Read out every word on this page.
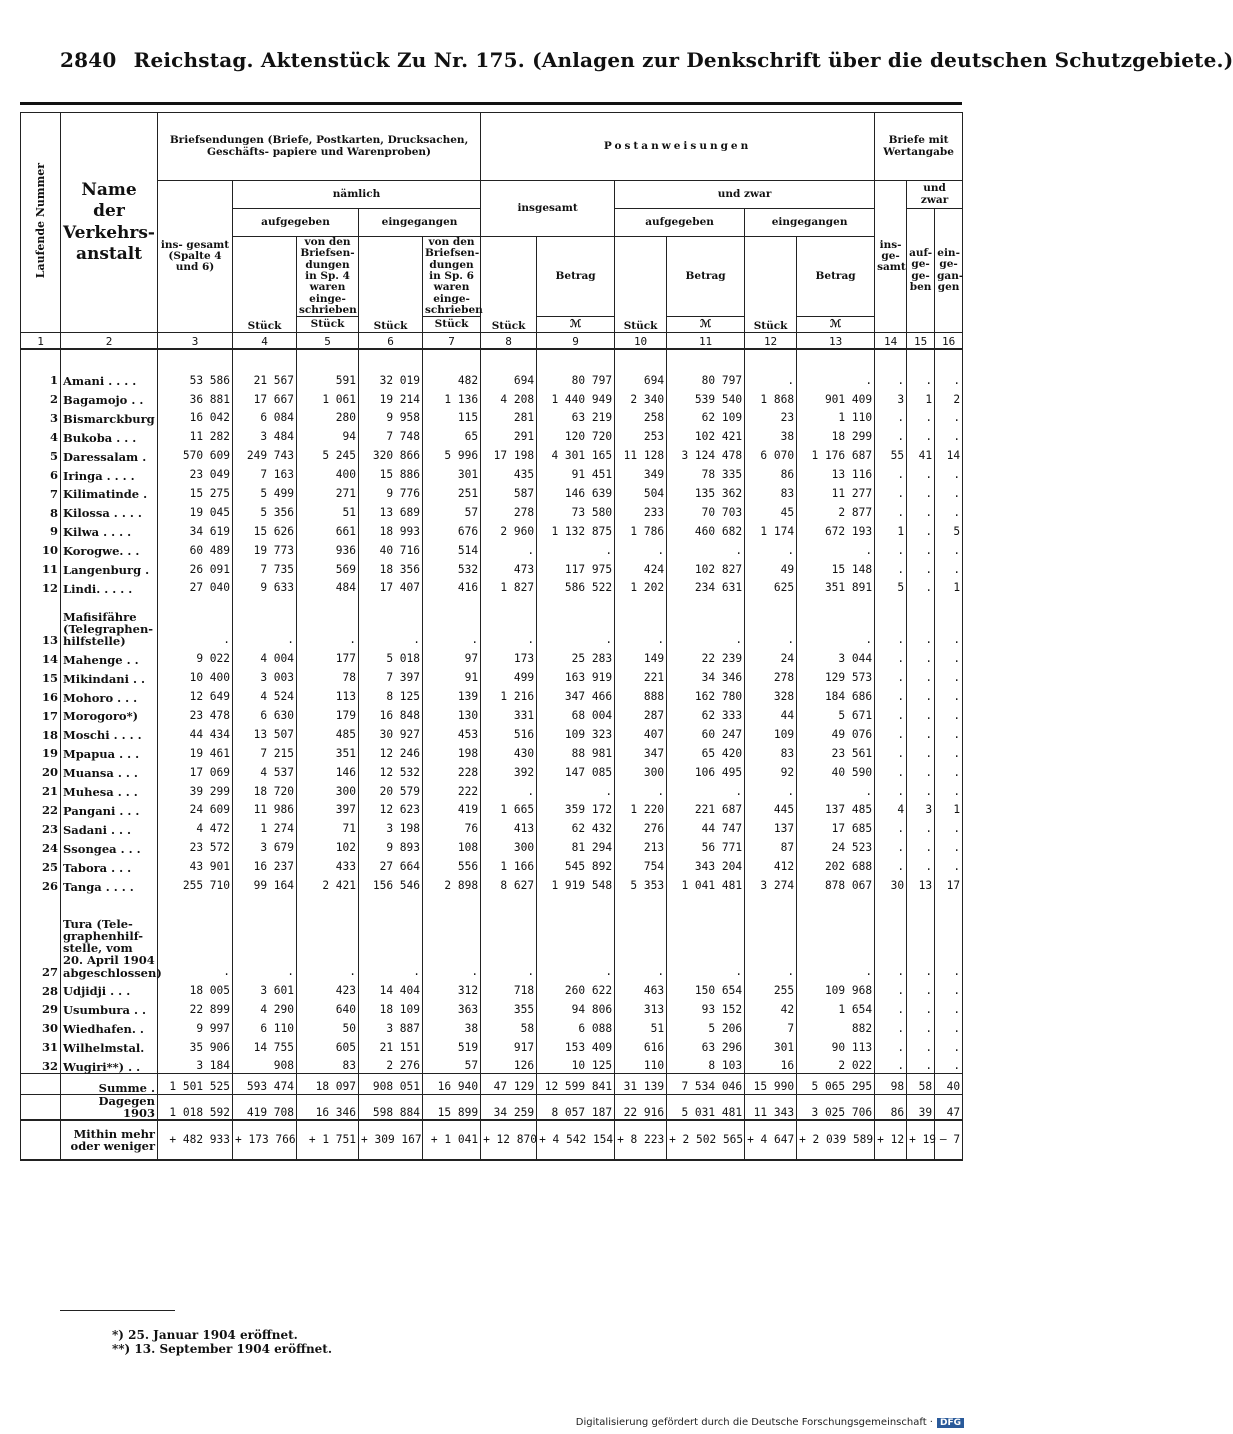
2840 Reichstag. Aktenstück Zu Nr. 175. (Anlagen zur Denkschrift über die deutschen Schutzgebiete.)
Laufende Nummer	Name der Verkehrs- anstalt	Briefsendungen (Briefe, Postkarten, Drucksachen, Geschäfts- papiere und Warenproben)					Postanweisungen						Briefe mit Wertangabe		
		ins- gesamt (Spalte 4 und 6)	nämlich				insgesamt		und zwar				ins- ge- samt	und zwar	
			aufgegeben		eingegangen				aufgegeben		eingegangen			auf- ge- ge- ben	ein- ge- gan- gen
			Stück	von den Briefsen- dungen in Sp. 4 waren einge- schrieben	Stück	von den Briefsen- dungen in Sp. 6 waren einge- schrieben	Stück	Betrag	Stück	Betrag	Stück	Betrag			
				Stück		Stück		ℳ		ℳ		ℳ			
1	2	3	4	5	6	7	8	9	10	11	12	13	14	15	16

1	Amani . . . .	53 586	21 567	591	32 019	482	694	80 797	694	80 797	.	.	.	.	.
2	Bagamojo . .	36 881	17 667	1 061	19 214	1 136	4 208	1 440 949	2 340	539 540	1 868	901 409	3	1	2
3	Bismarckburg	16 042	6 084	280	9 958	115	281	63 219	258	62 109	23	1 110	.	.	.
4	Bukoba . . .	11 282	3 484	94	7 748	65	291	120 720	253	102 421	38	18 299	.	.	.
5	Daressalam .	570 609	249 743	5 245	320 866	5 996	17 198	4 301 165	11 128	3 124 478	6 070	1 176 687	55	41	14
6	Iringa . . . .	23 049	7 163	400	15 886	301	435	91 451	349	78 335	86	13 116	.	.	.
7	Kilimatinde .	15 275	5 499	271	9 776	251	587	146 639	504	135 362	83	11 277	.	.	.
8	Kilossa . . . .	19 045	5 356	51	13 689	57	278	73 580	233	70 703	45	2 877	.	.	.
9	Kilwa . . . .	34 619	15 626	661	18 993	676	2 960	1 132 875	1 786	460 682	1 174	672 193	1	.	5
10	Korogwe. . .	60 489	19 773	936	40 716	514	.	.	.	.	.	.	.	.	.
11	Langenburg .	26 091	7 735	569	18 356	532	473	117 975	424	102 827	49	15 148	.	.	.
12	Lindi. . . . .	27 040	9 633	484	17 407	416	1 827	586 522	1 202	234 631	625	351 891	5	.	1
13	Mafisifähre (Telegraphen- hilfstelle)	.	.	.	.	.	.	.	.	.	.	.	.	.	.
14	Mahenge . .	9 022	4 004	177	5 018	97	173	25 283	149	22 239	24	3 044	.	.	.
15	Mikindani . .	10 400	3 003	78	7 397	91	499	163 919	221	34 346	278	129 573	.	.	.
16	Mohoro . . .	12 649	4 524	113	8 125	139	1 216	347 466	888	162 780	328	184 686	.	.	.
17	Morogoro*)	23 478	6 630	179	16 848	130	331	68 004	287	62 333	44	5 671	.	.	.
18	Moschi . . . .	44 434	13 507	485	30 927	453	516	109 323	407	60 247	109	49 076	.	.	.
19	Mpapua . . .	19 461	7 215	351	12 246	198	430	88 981	347	65 420	83	23 561	.	.	.
20	Muansa . . .	17 069	4 537	146	12 532	228	392	147 085	300	106 495	92	40 590	.	.	.
21	Muhesa . . .	39 299	18 720	300	20 579	222	.	.	.	.	.	.	.	.	.
22	Pangani . . .	24 609	11 986	397	12 623	419	1 665	359 172	1 220	221 687	445	137 485	4	3	1
23	Sadani . . .	4 472	1 274	71	3 198	76	413	62 432	276	44 747	137	17 685	.	.	.
24	Ssongea . . .	23 572	3 679	102	9 893	108	300	81 294	213	56 771	87	24 523	.	.	.
25	Tabora . . .	43 901	16 237	433	27 664	556	1 166	545 892	754	343 204	412	202 688	.	.	.
26	Tanga . . . .	255 710	99 164	2 421	156 546	2 898	8 627	1 919 548	5 353	1 041 481	3 274	878 067	30	13	17
27	Tura (Tele- graphenhilf- stelle, vom 20. April 1904 abgeschlossen)	.	.	.	.	.	.	.	.	.	.	.	.	.	.
28	Udjidji . . .	18 005	3 601	423	14 404	312	718	260 622	463	150 654	255	109 968	.	.	.
29	Usumbura . .	22 899	4 290	640	18 109	363	355	94 806	313	93 152	42	1 654	.	.	.
30	Wiedhafen. .	9 997	6 110	50	3 887	38	58	6 088	51	5 206	7	882	.	.	.
31	Wilhelmstal.	35 906	14 755	605	21 151	519	917	153 409	616	63 296	301	90 113	.	.	.
32	Wugiri**) . .	3 184	908	83	2 276	57	126	10 125	110	8 103	16	2 022	.	.	.
	Summe .	1 501 525	593 474	18 097	908 051	16 940	47 129	12 599 841	31 139	7 534 046	15 990	5 065 295	98	58	40
	Dagegen 1903	1 018 592	419 708	16 346	598 884	15 899	34 259	8 057 187	22 916	5 031 481	11 343	3 025 706	86	39	47
	Mithin mehr oder weniger	+ 482 933	+ 173 766	+ 1 751	+ 309 167	+ 1 041	+ 12 870	+ 4 542 154	+ 8 223	+ 2 502 565	+ 4 647	+ 2 039 589	+ 12	+ 19	— 7
*) 25. Januar 1904 eröffnet.
**) 13. September 1904 eröffnet.
Digitalisierung gefördert durch die Deutsche Forschungsgemeinschaft · DFG
